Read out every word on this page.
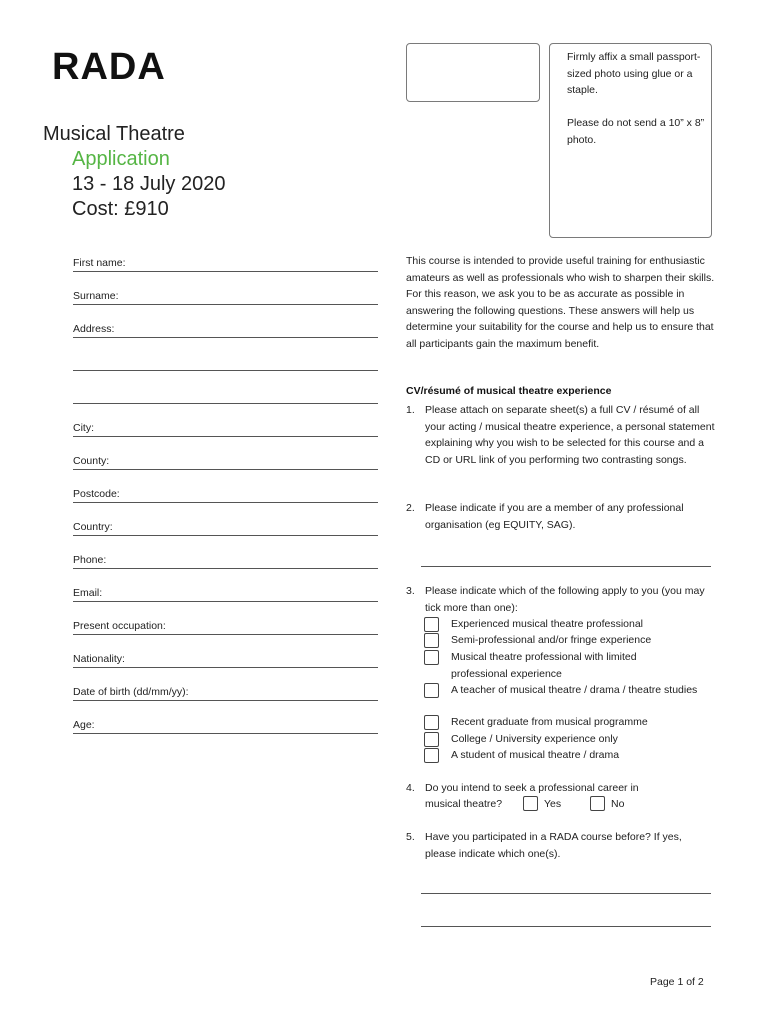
RADA
Musical Theatre
Application
13 - 18 July 2020
Cost: £910

Firmly affix a small passport-sized photo using glue or a staple.

Please do not send a 10” x 8” photo.

First name:
Surname:
Address:
City:
County:
Postcode:
Country:
Phone:
Email:
Present occupation:
Nationality:
Date of birth (dd/mm/yy):
Age:
This course is intended to provide useful training for enthusiastic amateurs as well as professionals who wish to sharpen their skills. For this reason, we ask you to be as accurate as possible in answering the following questions. These answers will help us determine your suitability for the course and help us to ensure that all participants gain the maximum benefit.
CV/résumé of musical theatre experience
1. Please attach on separate sheet(s) a full CV / résumé of all your acting / musical theatre experience, a personal statement explaining why you wish to be selected for this course and a CD or URL link of you performing two contrasting songs.
2. Please indicate if you are a member of any professional organisation (eg EQUITY, SAG).
3. Please indicate which of the following apply to you (you may tick more than one):
Experienced musical theatre professional
Semi-professional and/or fringe experience
Musical theatre professional with limited professional experience
A teacher of musical theatre / drama / theatre studies
Recent graduate from musical programme
College / University experience only
A student of musical theatre / drama
4. Do you intend to seek a professional career in
musical theatre?	Yes	No
5. Have you participated in a RADA course before? If yes, please indicate which one(s).
Page 1 of 2
